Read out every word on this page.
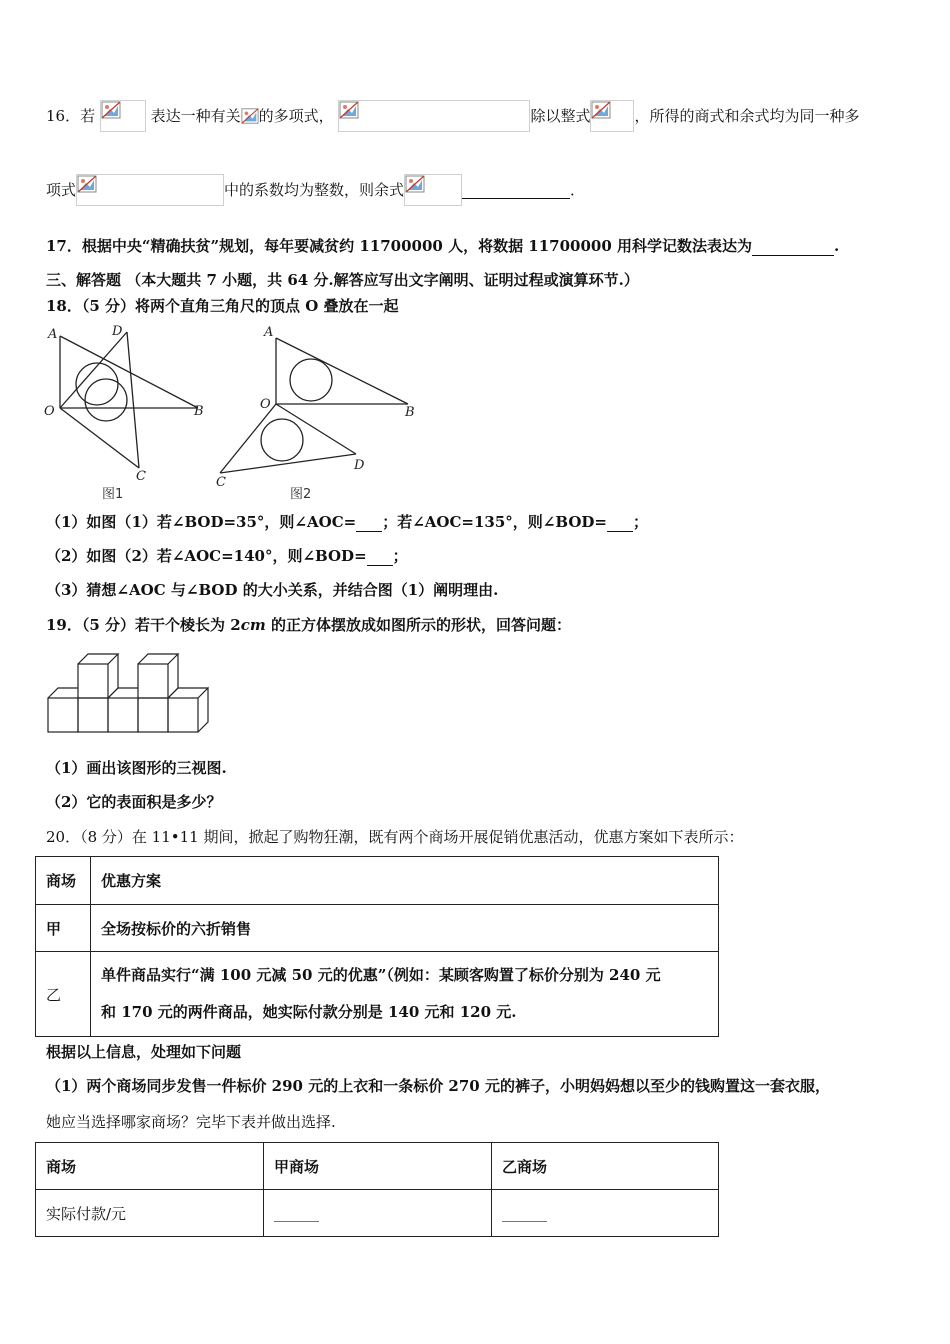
16．若	表达一种有关 的多项式，	除以整式	，所得的商式和余式均为同一种多
项式	中的系数均为整数，则余式	．
17．根据中央“精确扶贫”规划，每年要减贫约 11700000 人，将数据 11700000 用科学记数法表达为	.
三、解答题 （本大题共 7 小题，共 64 分.解答应写出文字阐明、证明过程或演算环节.）
18．（5 分）将两个直角三角尺的顶点 O 叠放在一起
A	D
O	B
C
图1
A
O
B
C
D
图2
（1）如图（1）若∠BOD=35°，则∠AOC= ；若∠AOC=135°，则∠BOD= ；
（2）如图（2）若∠AOC=140°，则∠BOD= ；
（3）猜想∠AOC 与∠BOD 的大小关系，并结合图（1）阐明理由.
19．（5 分）若干个棱长为 2cm 的正方体摆放成如图所示的形状，回答问题：
（1）画出该图形的三视图.
（2）它的表面积是多少？
20．（8 分）在 11•11 期间，掀起了购物狂潮，既有两个商场开展促销优惠活动，优惠方案如下表所示：
商场	优惠方案
甲	全场按标价的六折销售
乙	单件商品实行“满 100 元减 50 元的优惠”（例如：某顾客购置了标价分别为 240 元
和 170 元的两件商品，她实际付款分别是 140 元和 120 元.
根据以上信息，处理如下问题
（1）两个商场同步发售一件标价 290 元的上衣和一条标价 270 元的裤子，小明妈妈想以至少的钱购置这一套衣服，
她应当选择哪家商场？完毕下表并做出选择.
商场	甲商场	乙商场
实际付款/元	______	______
